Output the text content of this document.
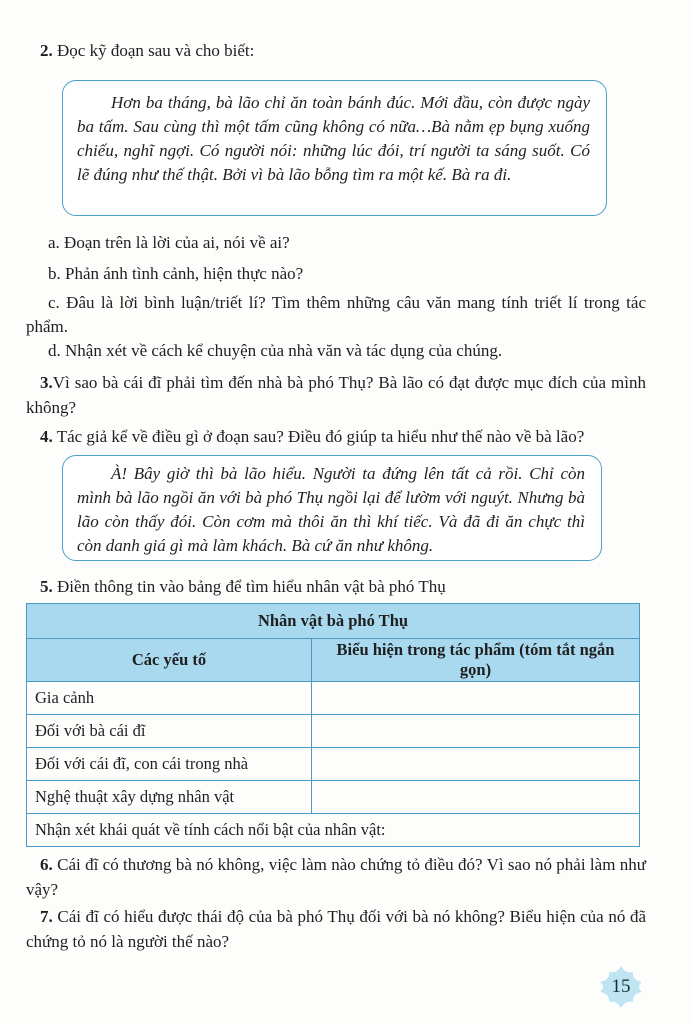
2. Đọc kỹ đoạn sau và cho biết:

Hơn ba tháng, bà lão chỉ ăn toàn bánh đúc. Mới đầu, còn được ngày ba tấm. Sau cùng thì một tấm cũng không có nữa…Bà nằm ẹp bụng xuống chiếu, nghĩ ngợi. Có người nói: những lúc đói, trí người ta sáng suốt. Có lẽ đúng như thế thật. Bởi vì bà lão bỗng tìm ra một kế. Bà ra đi.

a. Đoạn trên là lời của ai, nói về ai?
b. Phản ánh tình cảnh, hiện thực nào?
c. Đâu là lời bình luận/triết lí? Tìm thêm những câu văn mang tính triết lí trong tác phẩm.
d. Nhận xét về cách kể chuyện của nhà văn và tác dụng của chúng.
3.Vì sao bà cái đĩ phải tìm đến nhà bà phó Thụ? Bà lão có đạt được mục đích của mình không?
4. Tác giả kể về điều gì ở đoạn sau? Điều đó giúp ta hiểu như thế nào về bà lão?

À! Bây giờ thì bà lão hiểu. Người ta đứng lên tất cả rồi. Chỉ còn mình bà lão ngồi ăn với bà phó Thụ ngồi lại để lườm với nguýt. Nhưng bà lão còn thấy đói. Còn cơm mà thôi ăn thì khí tiếc. Và đã đi ăn chực thì còn danh giá gì mà làm khách. Bà cứ ăn như không.

5. Điền thông tin vào bảng để tìm hiểu nhân vật bà phó Thụ
Nhân vật bà phó Thụ	
Các yếu tố	Biểu hiện trong tác phẩm (tóm tắt ngắn gọn)
Gia cảnh	
Đối với bà cái đĩ	
Đối với cái đĩ, con cái trong nhà	
Nghệ thuật xây dựng nhân vật	
Nhận xét khái quát về tính cách nổi bật của nhân vật:	
6. Cái đĩ có thương bà nó không, việc làm nào chứng tỏ điều đó? Vì sao nó phải làm như vậy?
7. Cái đĩ có hiểu được thái độ của bà phó Thụ đối với bà nó không? Biểu hiện của nó đã chứng tỏ nó là người thế nào?
15
